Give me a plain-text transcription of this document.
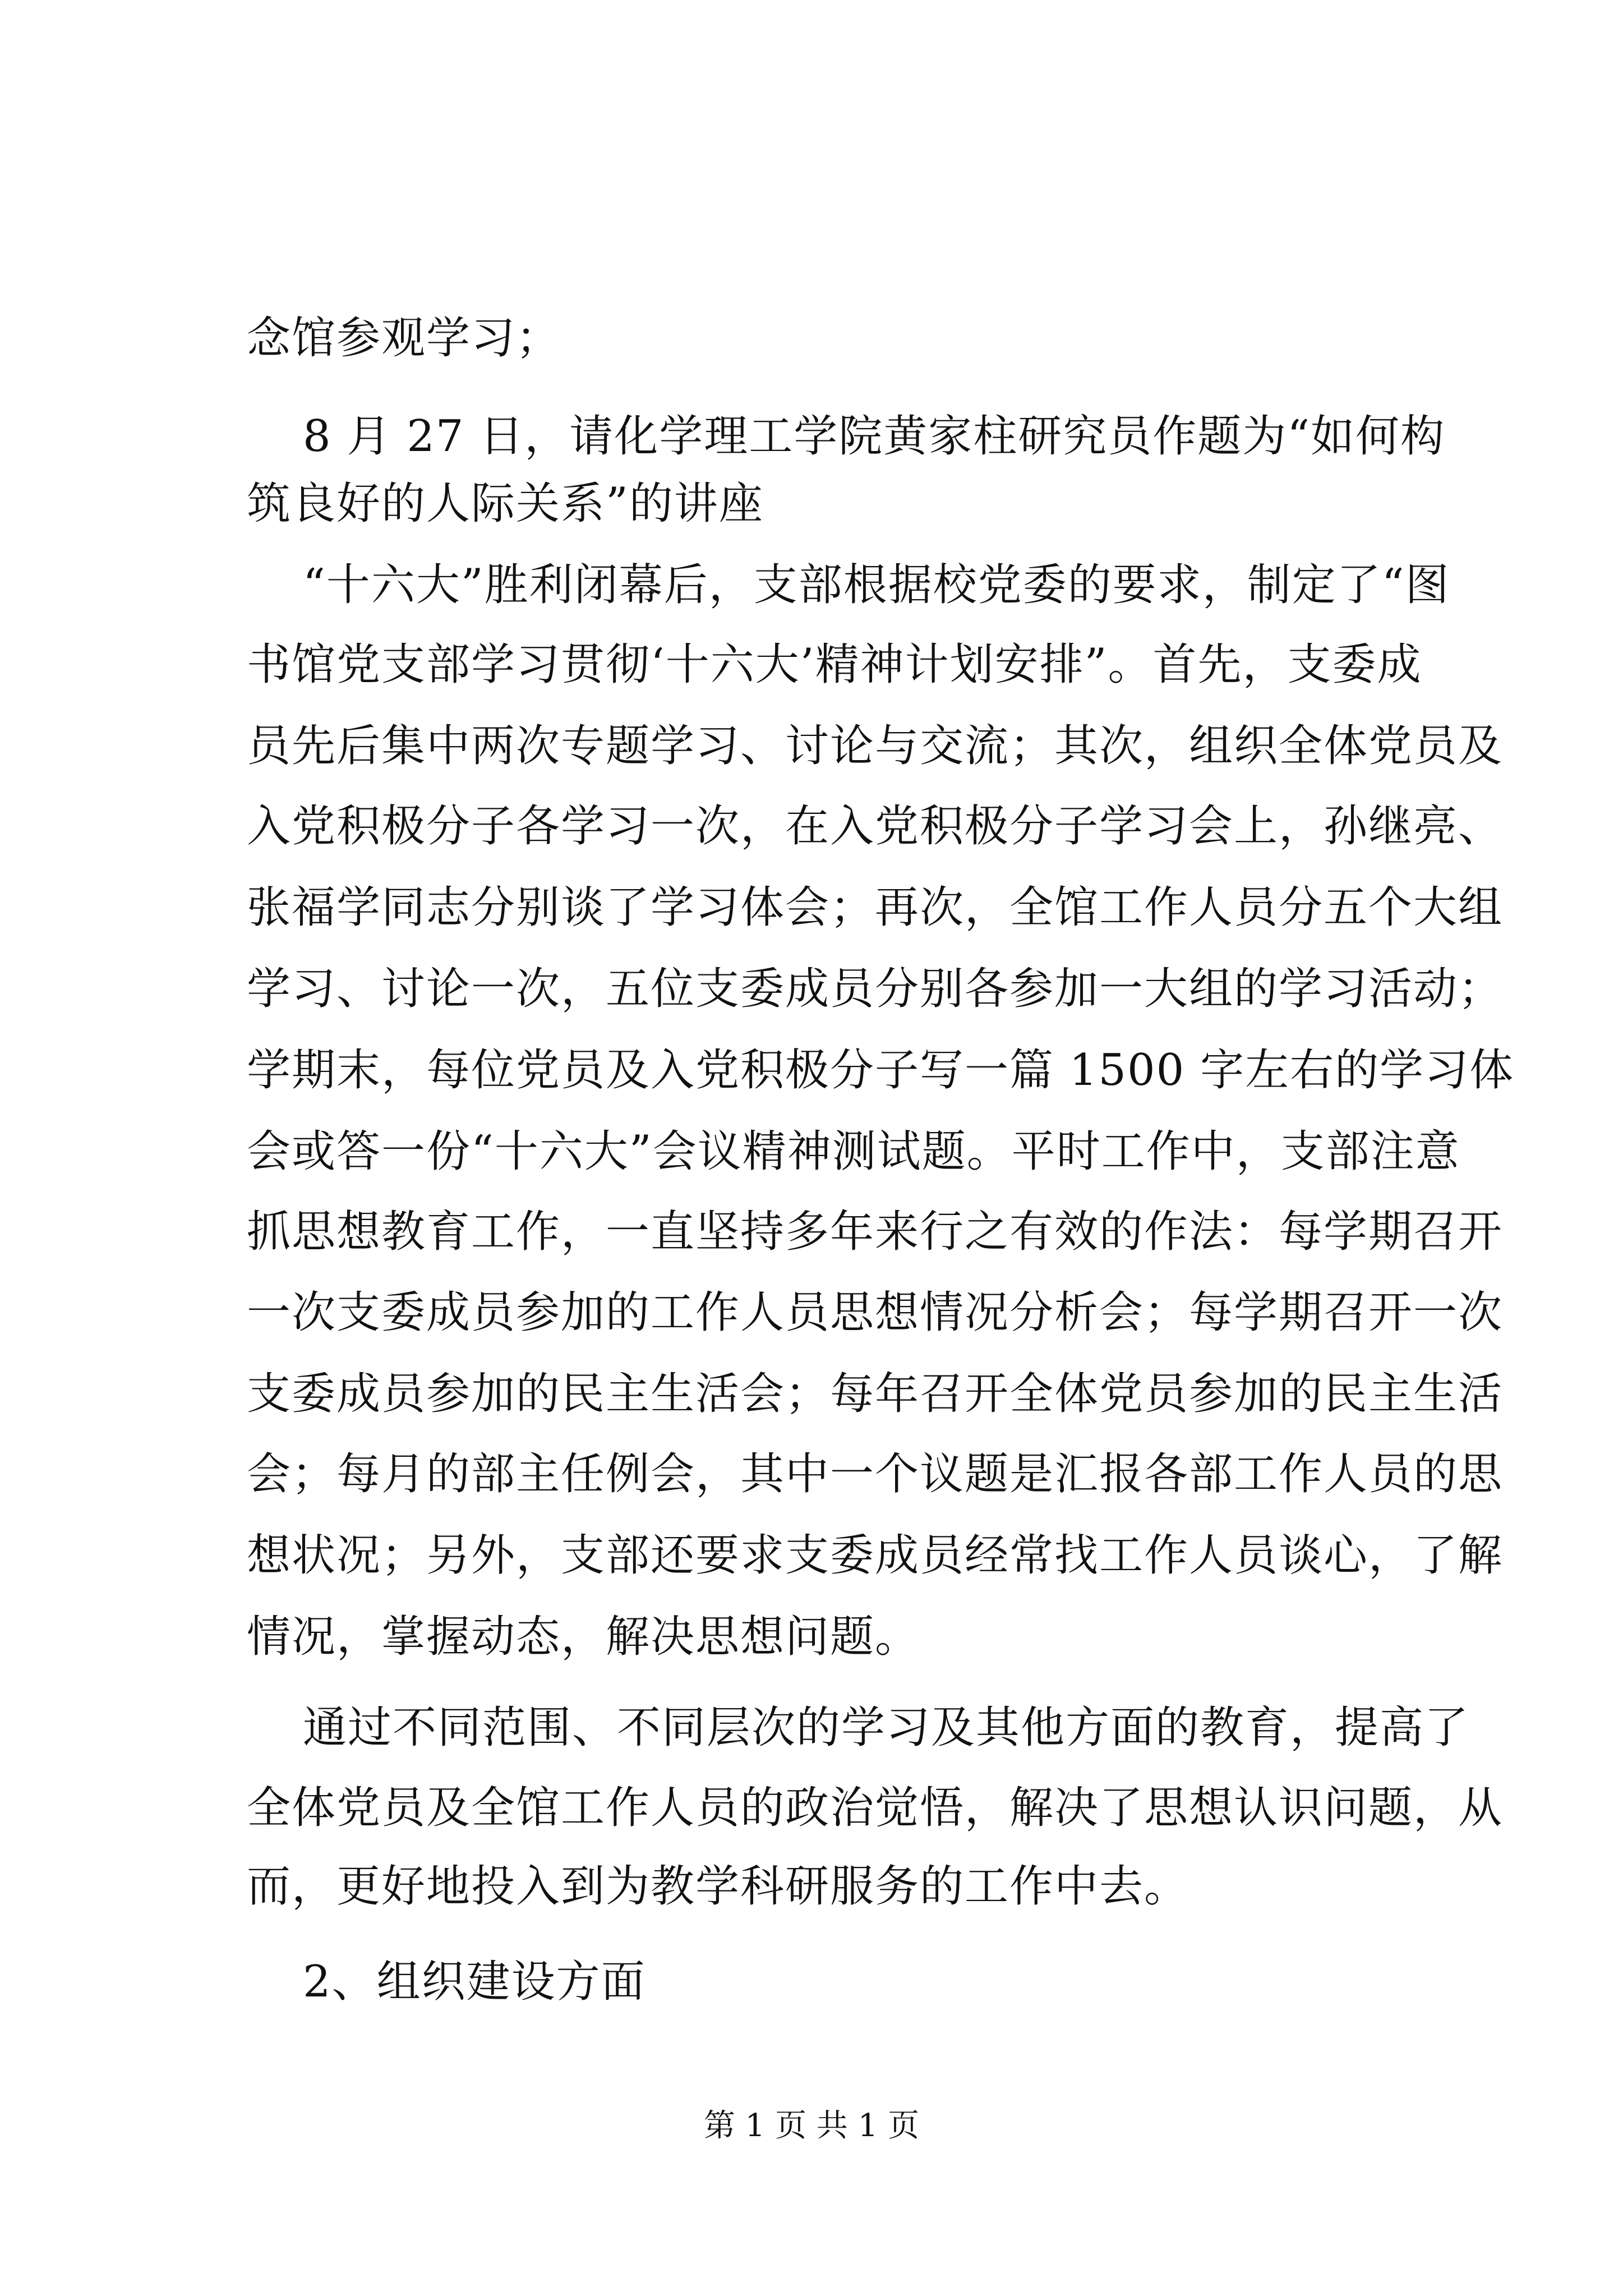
念馆参观学习；
8 月 27 日，请化学理工学院黄家柱研究员作题为“如何构
筑良好的人际关系”的讲座
“十六大”胜利闭幕后，支部根据校党委的要求，制定了“图
书馆党支部学习贯彻‘十六大’精神计划安排”。首先，支委成
员先后集中两次专题学习、讨论与交流；其次，组织全体党员及
入党积极分子各学习一次，在入党积极分子学习会上，孙继亮、
张福学同志分别谈了学习体会；再次，全馆工作人员分五个大组
学习、讨论一次，五位支委成员分别各参加一大组的学习活动；
学期末，每位党员及入党积极分子写一篇 1500 字左右的学习体
会或答一份“十六大”会议精神测试题。平时工作中，支部注意
抓思想教育工作，一直坚持多年来行之有效的作法：每学期召开
一次支委成员参加的工作人员思想情况分析会；每学期召开一次
支委成员参加的民主生活会；每年召开全体党员参加的民主生活
会；每月的部主任例会，其中一个议题是汇报各部工作人员的思
想状况；另外，支部还要求支委成员经常找工作人员谈心，了解
情况，掌握动态，解决思想问题。
通过不同范围、不同层次的学习及其他方面的教育，提高了
全体党员及全馆工作人员的政治觉悟，解决了思想认识问题，从
而，更好地投入到为教学科研服务的工作中去。
2、组织建设方面
第 1 页 共 1 页
